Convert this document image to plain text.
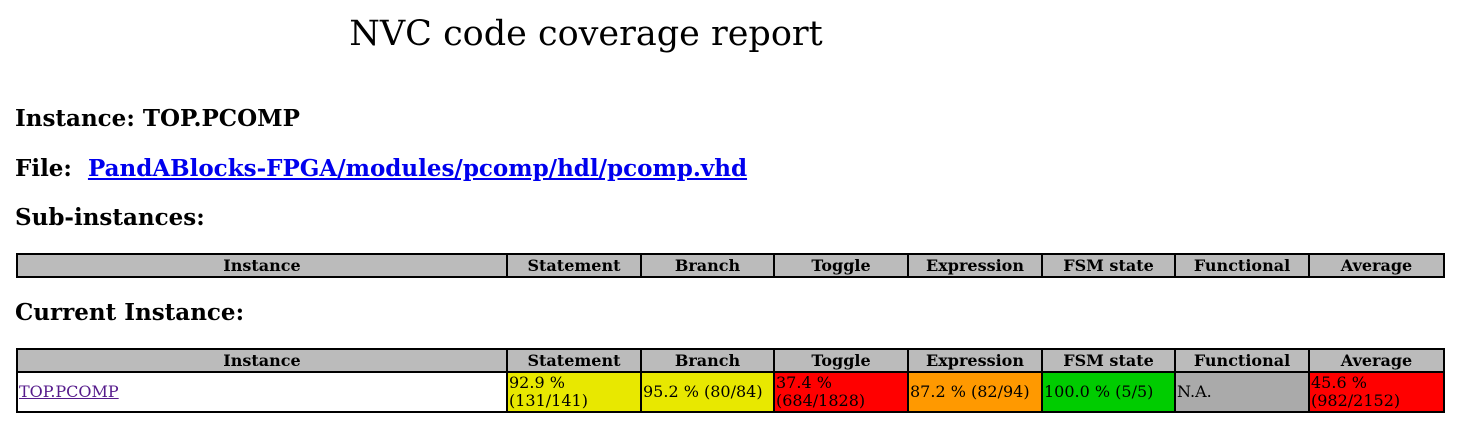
NVC code coverage report
Instance: TOP.PCOMP
File: PandABlocks-FPGA/modules/pcomp/hdl/pcomp.vhd
Sub-instances:
Instance	Statement	Branch	Toggle	Expression	FSM state	Functional	Average
Current Instance:
Instance	Statement	Branch	Toggle	Expression	FSM state	Functional	Average
TOP.PCOMP	92.9 % (131/141)	95.2 % (80/84)	37.4 % (684/1828)	87.2 % (82/94)	100.0 % (5/5)	N.A.	45.6 % (982/2152)
